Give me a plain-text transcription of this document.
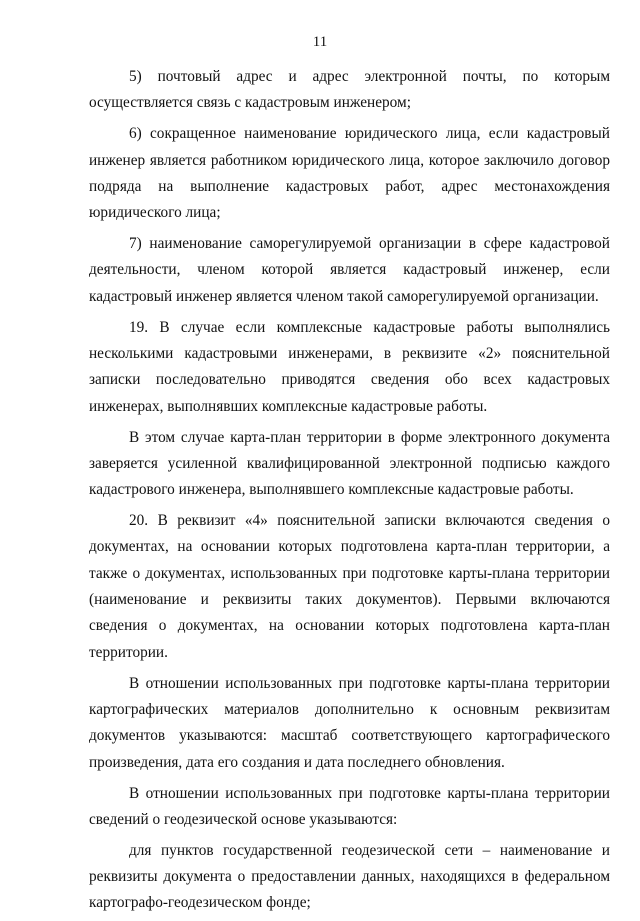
11

5) почтовый адрес и адрес электронной почты, по которым осуществляется связь с кадастровым инженером;

6) сокращенное наименование юридического лица, если кадастровый инженер является работником юридического лица, которое заключило договор подряда на выполнение кадастровых работ, адрес местонахождения юридического лица;

7) наименование саморегулируемой организации в сфере кадастровой деятельности, членом которой является кадастровый инженер, если кадастровый инженер является членом такой саморегулируемой организации.

19. В случае если комплексные кадастровые работы выполнялись несколькими кадастровыми инженерами, в реквизите «2» пояснительной записки последовательно приводятся сведения обо всех кадастровых инженерах, выполнявших комплексные кадастровые работы.

В этом случае карта-план территории в форме электронного документа заверяется усиленной квалифицированной электронной подписью каждого кадастрового инженера, выполнявшего комплексные кадастровые работы.

20. В реквизит «4» пояснительной записки включаются сведения о документах, на основании которых подготовлена карта-план территории, а также о документах, использованных при подготовке карты-плана территории (наименование и реквизиты таких документов). Первыми включаются сведения о документах, на основании которых подготовлена карта-план территории.

В отношении использованных при подготовке карты-плана территории картографических материалов дополнительно к основным реквизитам документов указываются: масштаб соответствующего картографического произведения, дата его создания и дата последнего обновления.

В отношении использованных при подготовке карты-плана территории сведений о геодезической основе указываются:

для пунктов государственной геодезической сети – наименование и реквизиты документа о предоставлении данных, находящихся в федеральном картографо-геодезическом фонде;
